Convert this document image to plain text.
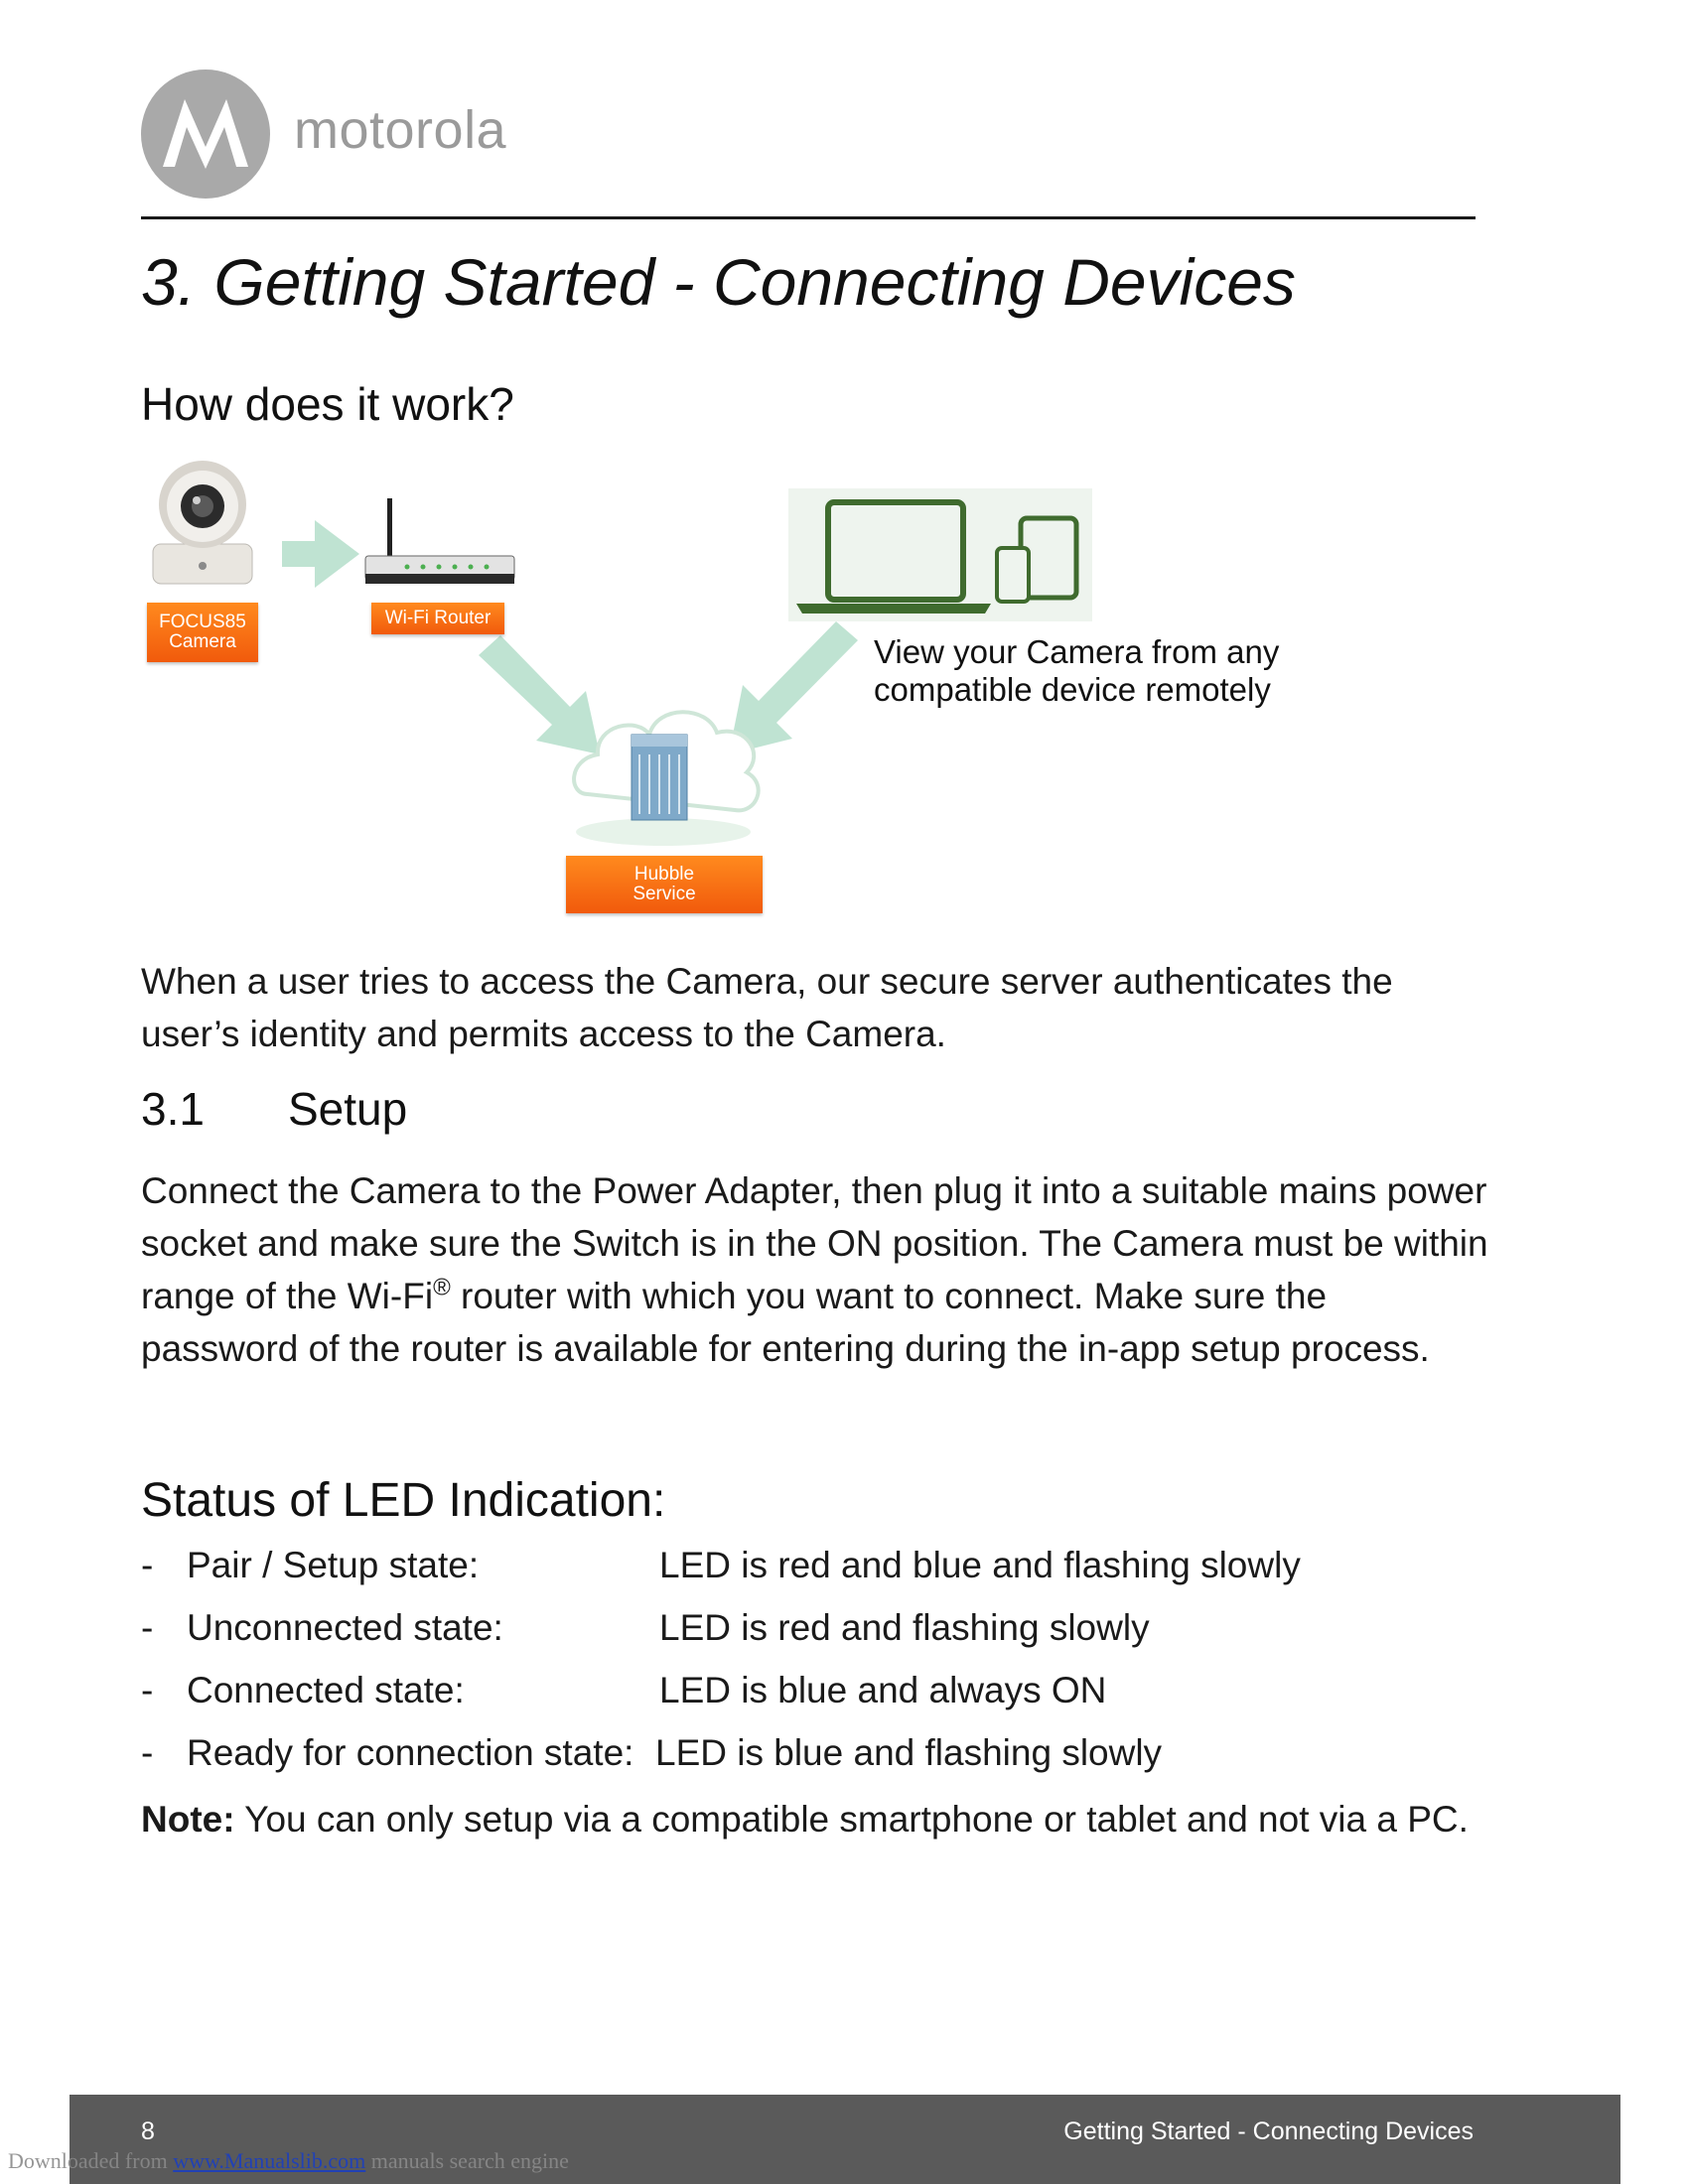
motorola
3. Getting Started - Connecting Devices
How does it work?
FOCUS85
Camera
Wi-Fi Router
Hubble
Service
View your Camera from any compatible device remotely

When a user tries to access the Camera, our secure server authenticates the user’s identity and permits access to the Camera.

3.1 Setup

Connect the Camera to the Power Adapter, then plug it into a suitable mains power socket and make sure the Switch is in the ON position. The Camera must be within range of the Wi-Fi® router with which you want to connect. Make sure the password of the router is available for entering during the in-app setup process.

Status of LED Indication:
- Pair / Setup state:	LED is red and blue and flashing slowly
- Unconnected state:	LED is red and flashing slowly
- Connected state:	LED is blue and always ON
- Ready for connection state: LED is blue and flashing slowly
Note: You can only setup via a compatible smartphone or tablet and not via a PC.
8	Getting Started - Connecting Devices
Downloaded from www.Manualslib.com manuals search engine
